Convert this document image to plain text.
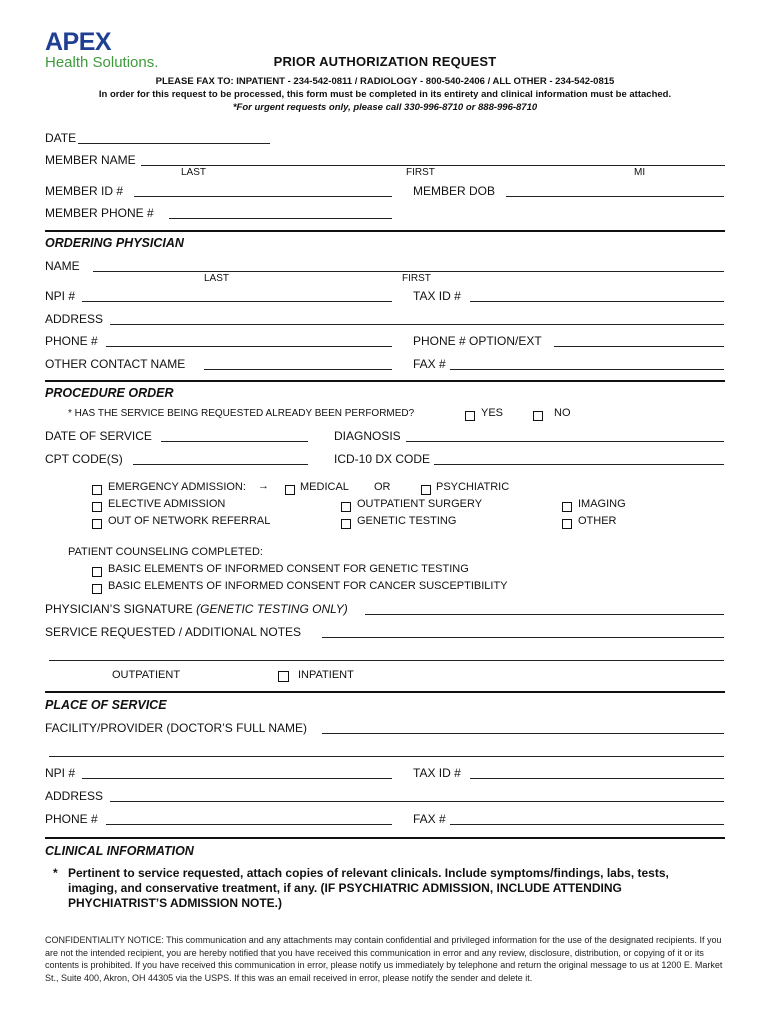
APEX
Health Solutions.	PRIOR AUTHORIZATION REQUEST
PLEASE FAX TO: INPATIENT - 234-542-0811 / RADIOLOGY - 800-540-2406 / ALL OTHER - 234-542-0815
In order for this request to be processed, this form must be completed in its entirety and clinical information must be attached.
*For urgent requests only, please call 330-996-8710 or 888-996-8710
DATE
MEMBER NAME
LAST	FIRST	MI
MEMBER ID #	MEMBER DOB
MEMBER PHONE #
ORDERING PHYSICIAN
NAME
LAST	FIRST
NPI #	TAX ID #
ADDRESS
PHONE #	PHONE # OPTION/EXT
OTHER CONTACT NAME	FAX #
PROCEDURE ORDER
* HAS THE SERVICE BEING REQUESTED ALREADY BEEN PERFORMED?	YES	NO
DATE OF SERVICE	DIAGNOSIS
CPT CODE(S)	ICD-10 DX CODE
EMERGENCY ADMISSION: →	MEDICAL OR	PSYCHIATRIC
ELECTIVE ADMISSION	OUTPATIENT SURGERY	IMAGING
OUT OF NETWORK REFERRAL	GENETIC TESTING	OTHER
PATIENT COUNSELING COMPLETED:
BASIC ELEMENTS OF INFORMED CONSENT FOR GENETIC TESTING
BASIC ELEMENTS OF INFORMED CONSENT FOR CANCER SUSCEPTIBILITY
PHYSICIAN’S SIGNATURE (GENETIC TESTING ONLY)
SERVICE REQUESTED / ADDITIONAL NOTES
OUTPATIENT	INPATIENT
PLACE OF SERVICE
FACILITY/PROVIDER (DOCTOR’S FULL NAME)
NPI #	TAX ID #
ADDRESS
PHONE #	FAX #
CLINICAL INFORMATION
* Pertinent to service requested, attach copies of relevant clinicals. Include symptoms/findings, labs, tests, imaging, and conservative treatment, if any. (IF PSYCHIATRIC ADMISSION, INCLUDE ATTENDING PHYCHIATRIST’S ADMISSION NOTE.)
CONFIDENTIALITY NOTICE: This communication and any attachments may contain confidential and privileged information for the use of the designated recipients. If you are not the intended recipient, you are hereby notified that you have received this communication in error and any review, disclosure, distribution, or copying of it or its contents is prohibited. If you have received this communication in error, please notify us immediately by telephone and return the original message to us at 1200 E. Market St., Suite 400, Akron, OH 44305 via the USPS. If this was an email received in error, please notify the sender and delete it.
